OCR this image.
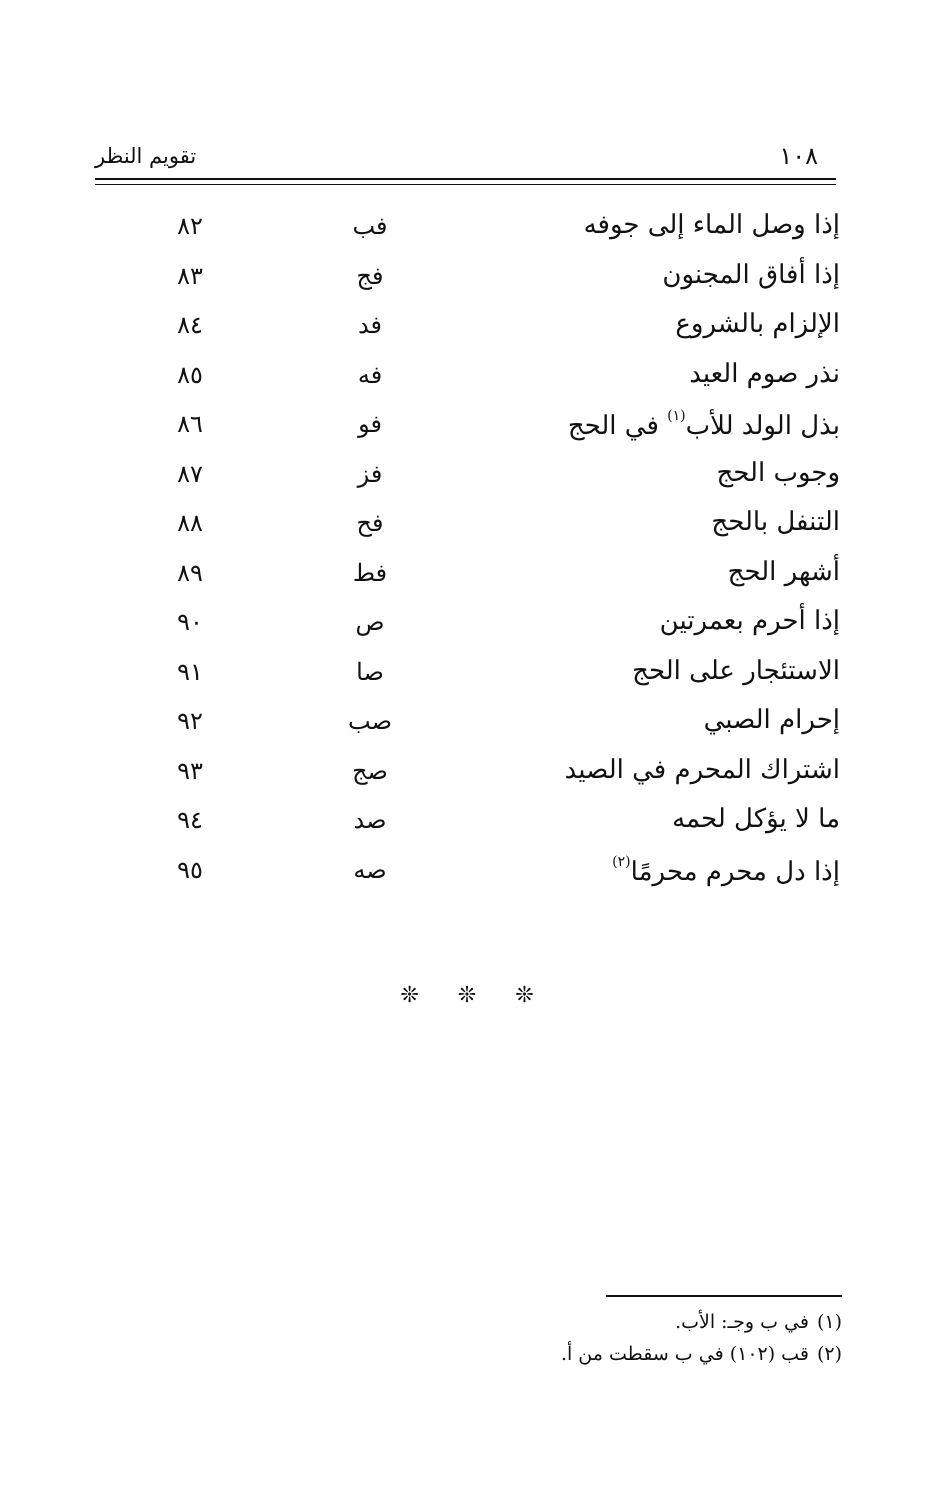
١٠٨
تقويم النظر
إذا وصل الماء إلى جوفه
فب
٨٢
إذا أفاق المجنون
فج
٨٣
الإلزام بالشروع
فد
٨٤
نذر صوم العيد
فه
٨٥
بذل الولد للأب$^{(١)}$ في الحج
فو
٨٦
وجوب الحج
فز
٨٧
التنفل بالحج
فح
٨٨
أشهر الحج
فط
٨٩
إذا أحرم بعمرتين
ص
٩٠
الاستئجار على الحج
صا
٩١
إحرام الصبي
صب
٩٢
اشتراك المحرم في الصيد
صج
٩٣
ما لا يؤكل لحمه
صد
٩٤
إذا دل محرم محرمًا$^{(٢)}$
صه
٩٥
❊ ❊ ❊
(١)في ب وجـ: الأب.
(٢)قب (١٠٢) في ب سقطت من أ.
